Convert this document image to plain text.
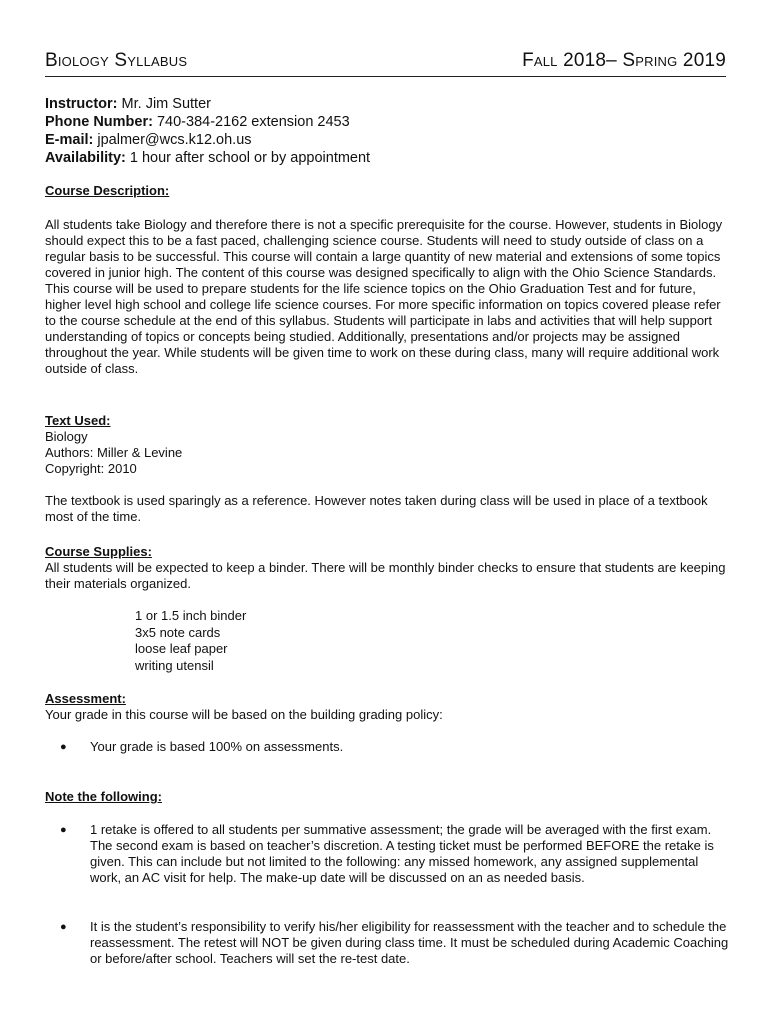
Biology Syllabus	Fall 2018– Spring 2019
Instructor: Mr. Jim Sutter
Phone Number: 740-384-2162 extension 2453
E-mail: jpalmer@wcs.k12.oh.us
Availability: 1 hour after school or by appointment
Course Description:
All students take Biology and therefore there is not a specific prerequisite for the course. However, students in Biology should expect this to be a fast paced, challenging science course. Students will need to study outside of class on a regular basis to be successful. This course will contain a large quantity of new material and extensions of some topics covered in junior high. The content of this course was designed specifically to align with the Ohio Science Standards. This course will be used to prepare students for the life science topics on the Ohio Graduation Test and for future, higher level high school and college life science courses. For more specific information on topics covered please refer to the course schedule at the end of this syllabus. Students will participate in labs and activities that will help support understanding of topics or concepts being studied. Additionally, presentations and/or projects may be assigned throughout the year. While students will be given time to work on these during class, many will require additional work outside of class.
Text Used:
Biology
Authors: Miller & Levine
Copyright: 2010
The textbook is used sparingly as a reference. However notes taken during class will be used in place of a textbook most of the time.
Course Supplies:
All students will be expected to keep a binder. There will be monthly binder checks to ensure that students are keeping their materials organized.
1 or 1.5 inch binder
3x5 note cards
loose leaf paper
writing utensil
Assessment:
Your grade in this course will be based on the building grading policy:
● Your grade is based 100% on assessments.
Note the following:
● 1 retake is offered to all students per summative assessment; the grade will be averaged with the first exam. The second exam is based on teacher’s discretion. A testing ticket must be performed BEFORE the retake is given. This can include but not limited to the following: any missed homework, any assigned supplemental work, an AC visit for help. The make-up date will be discussed on an as needed basis.
● It is the student’s responsibility to verify his/her eligibility for reassessment with the teacher and to schedule the reassessment. The retest will NOT be given during class time. It must be scheduled during Academic Coaching or before/after school. Teachers will set the re-test date.
